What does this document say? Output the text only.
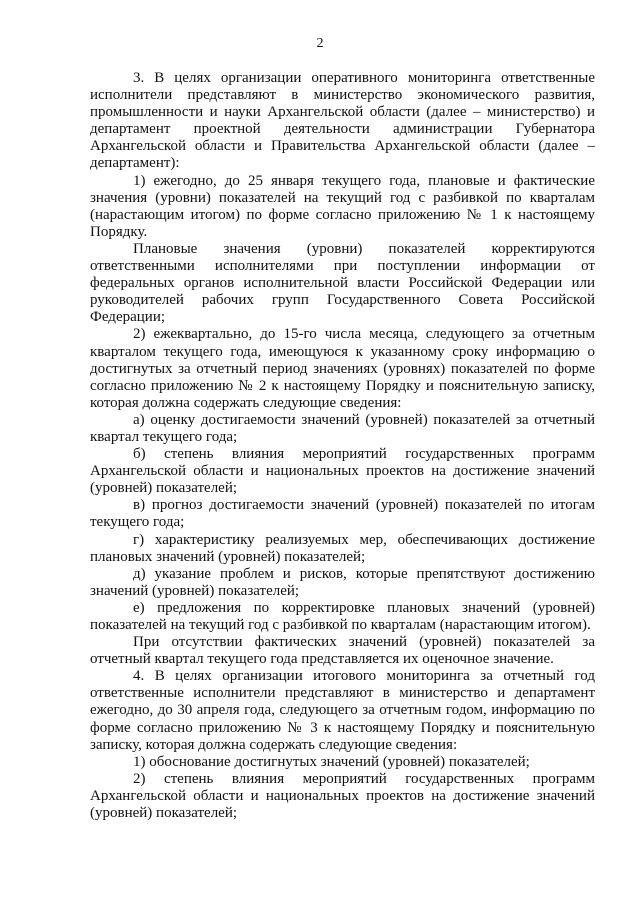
2

3. В целях организации оперативного мониторинга ответственные исполнители представляют в министерство экономического развития, промышленности и науки Архангельской области (далее – министерство) и департамент проектной деятельности администрации Губернатора Архангельской области и Правительства Архангельской области (далее – департамент):

1) ежегодно, до 25 января текущего года, плановые и фактические значения (уровни) показателей на текущий год с разбивкой по кварталам (нарастающим итогом) по форме согласно приложению № 1 к настоящему Порядку.

Плановые значения (уровни) показателей корректируются ответственными исполнителями при поступлении информации от федеральных органов исполнительной власти Российской Федерации или руководителей рабочих групп Государственного Совета Российской Федерации;

2) ежеквартально, до 15-го числа месяца, следующего за отчетным кварталом текущего года, имеющуюся к указанному сроку информацию о достигнутых за отчетный период значениях (уровнях) показателей по форме согласно приложению № 2 к настоящему Порядку и пояснительную записку, которая должна содержать следующие сведения:

а) оценку достигаемости значений (уровней) показателей за отчетный квартал текущего года;

б) степень влияния мероприятий государственных программ Архангельской области и национальных проектов на достижение значений (уровней) показателей;

в) прогноз достигаемости значений (уровней) показателей по итогам текущего года;

г) характеристику реализуемых мер, обеспечивающих достижение плановых значений (уровней) показателей;

д) указание проблем и рисков, которые препятствуют достижению значений (уровней) показателей;

е) предложения по корректировке плановых значений (уровней) показателей на текущий год с разбивкой по кварталам (нарастающим итогом).

При отсутствии фактических значений (уровней) показателей за отчетный квартал текущего года представляется их оценочное значение.

4. В целях организации итогового мониторинга за отчетный год ответственные исполнители представляют в министерство и департамент ежегодно, до 30 апреля года, следующего за отчетным годом, информацию по форме согласно приложению № 3 к настоящему Порядку и пояснительную записку, которая должна содержать следующие сведения:

1) обоснование достигнутых значений (уровней) показателей;

2) степень влияния мероприятий государственных программ Архангельской области и национальных проектов на достижение значений (уровней) показателей;
